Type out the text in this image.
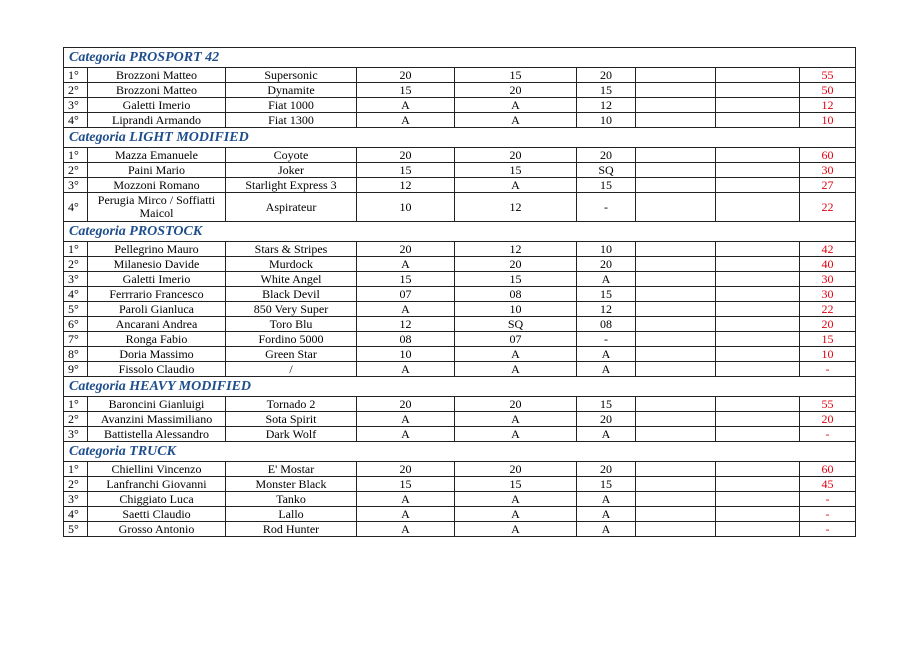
Categoria PROSPORT 42								
1°	Brozzoni Matteo	Supersonic	20	15	20			55
2°	Brozzoni Matteo	Dynamite	15	20	15			50
3°	Galetti Imerio	Fiat 1000	A	A	12			12
4°	Liprandi Armando	Fiat 1300	A	A	10			10
Categoria LIGHT MODIFIED								
1°	Mazza Emanuele	Coyote	20	20	20			60
2°	Paini Mario	Joker	15	15	SQ			30
3°	Mozzoni Romano	Starlight Express 3	12	A	15			27
4°	Perugia Mirco / Soffiatti Maicol	Aspirateur	10	12	-			22
Categoria PROSTOCK								
1°	Pellegrino Mauro	Stars & Stripes	20	12	10			42
2°	Milanesio Davide	Murdock	A	20	20			40
3°	Galetti Imerio	White Angel	15	15	A			30
4°	Ferrrario Francesco	Black Devil	07	08	15			30
5°	Paroli Gianluca	850 Very Super	A	10	12			22
6°	Ancarani Andrea	Toro Blu	12	SQ	08			20
7°	Ronga Fabio	Fordino 5000	08	07	-			15
8°	Doria Massimo	Green Star	10	A	A			10
9°	Fissolo Claudio	/	A	A	A			-
Categoria HEAVY MODIFIED								
1°	Baroncini Gianluigi	Tornado 2	20	20	15			55
2°	Avanzini Massimiliano	Sota Spirit	A	A	20			20
3°	Battistella Alessandro	Dark Wolf	A	A	A			-
Categoria TRUCK								
1°	Chiellini Vincenzo	E' Mostar	20	20	20			60
2°	Lanfranchi Giovanni	Monster Black	15	15	15			45
3°	Chiggiato Luca	Tanko	A	A	A			-
4°	Saetti Claudio	Lallo	A	A	A			-
5°	Grosso Antonio	Rod Hunter	A	A	A			-
